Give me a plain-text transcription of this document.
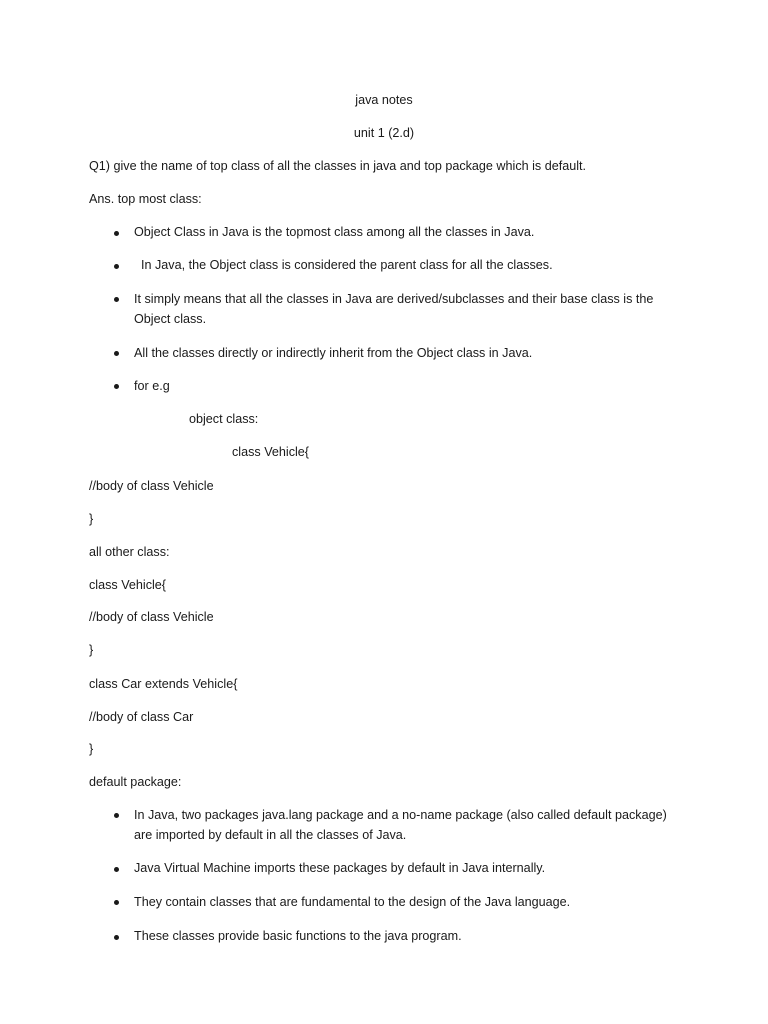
java notes
unit 1 (2.d)
Q1) give the name of top class of all the classes in java and top package which is default.
Ans. top most class:
Object Class in Java is the topmost class among all the classes in Java.
In Java, the Object class is considered the parent class for all the classes.
It simply means that all the classes in Java are derived/subclasses and their base class is the Object class.
All the classes directly or indirectly inherit from the Object class in Java.
for e.g
object class:
class Vehicle{
//body of class Vehicle
}
all other class:
class Vehicle{
//body of class Vehicle
}
class Car extends Vehicle{
//body of class Car
}
default package:
In Java, two packages java.lang package and a no-name package (also called default package) are imported by default in all the classes of Java.
Java Virtual Machine imports these packages by default in Java internally.
They contain classes that are fundamental to the design of the Java language.
These classes provide basic functions to the java program.
